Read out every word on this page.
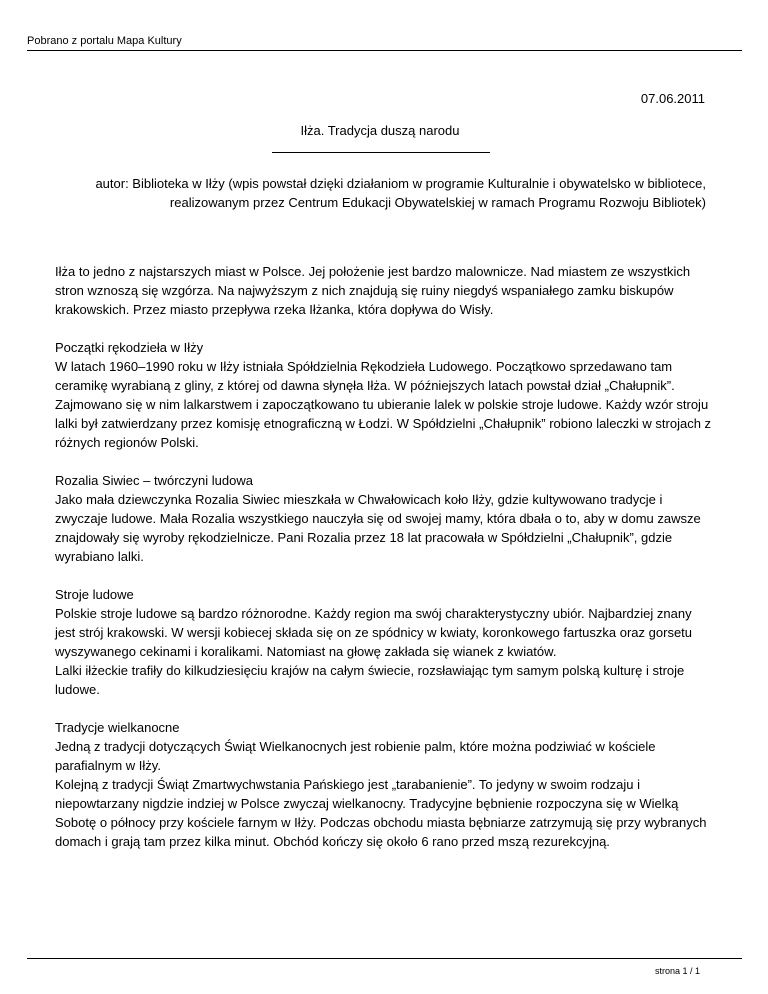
Pobrano z portalu Mapa Kultury
07.06.2011
Iłża. Tradycja duszą narodu
autor: Biblioteka w Iłży (wpis powstał dzięki działaniom w programie Kulturalnie i obywatelsko w bibliotece, realizowanym przez Centrum Edukacji Obywatelskiej w ramach Programu Rozwoju Bibliotek)

Iłża to jedno z najstarszych miast w Polsce. Jej położenie jest bardzo malownicze. Nad miastem ze wszystkich stron wznoszą się wzgórza. Na najwyższym z nich znajdują się ruiny niegdyś wspaniałego zamku biskupów krakowskich. Przez miasto przepływa rzeka Iłżanka, która dopływa do Wisły.

Początki rękodzieła w Iłży
W latach 1960–1990 roku w Iłży istniała Spółdzielnia Rękodzieła Ludowego. Początkowo sprzedawano tam ceramikę wyrabianą z gliny, z której od dawna słynęła Iłża. W późniejszych latach powstał dział „Chałupnik”. Zajmowano się w nim lalkarstwem i zapoczątkowano tu ubieranie lalek w polskie stroje ludowe. Każdy wzór stroju lalki był zatwierdzany przez komisję etnograficzną w Łodzi. W Spółdzielni „Chałupnik” robiono laleczki w strojach z różnych regionów Polski.

Rozalia Siwiec – twórczyni ludowa
Jako mała dziewczynka Rozalia Siwiec mieszkała w Chwałowicach koło Iłży, gdzie kultywowano tradycje i zwyczaje ludowe. Mała Rozalia wszystkiego nauczyła się od swojej mamy, która dbała o to, aby w domu zawsze znajdowały się wyroby rękodzielnicze. Pani Rozalia przez 18 lat pracowała w Spółdzielni „Chałupnik”, gdzie wyrabiano lalki.

Stroje ludowe
Polskie stroje ludowe są bardzo różnorodne. Każdy region ma swój charakterystyczny ubiór. Najbardziej znany jest strój krakowski. W wersji kobiecej składa się on ze spódnicy w kwiaty, koronkowego fartuszka oraz gorsetu wyszywanego cekinami i koralikami. Natomiast na głowę zakłada się wianek z kwiatów.
Lalki iłżeckie trafiły do kilkudziesięciu krajów na całym świecie, rozsławiając tym samym polską kulturę i stroje ludowe.

Tradycje wielkanocne
Jedną z tradycji dotyczących Świąt Wielkanocnych jest robienie palm, które można podziwiać w kościele parafialnym w Iłży.
Kolejną z tradycji Świąt Zmartwychwstania Pańskiego jest „tarabanienie”. To jedyny w swoim rodzaju i niepowtarzany nigdzie indziej w Polsce zwyczaj wielkanocny. Tradycyjne bębnienie rozpoczyna się w Wielką Sobotę o północy przy kościele farnym w Iłży. Podczas obchodu miasta bębniarze zatrzymują się przy wybranych domach i grają tam przez kilka minut. Obchód kończy się około 6 rano przed mszą rezurekcyjną.

strona 1 / 1
